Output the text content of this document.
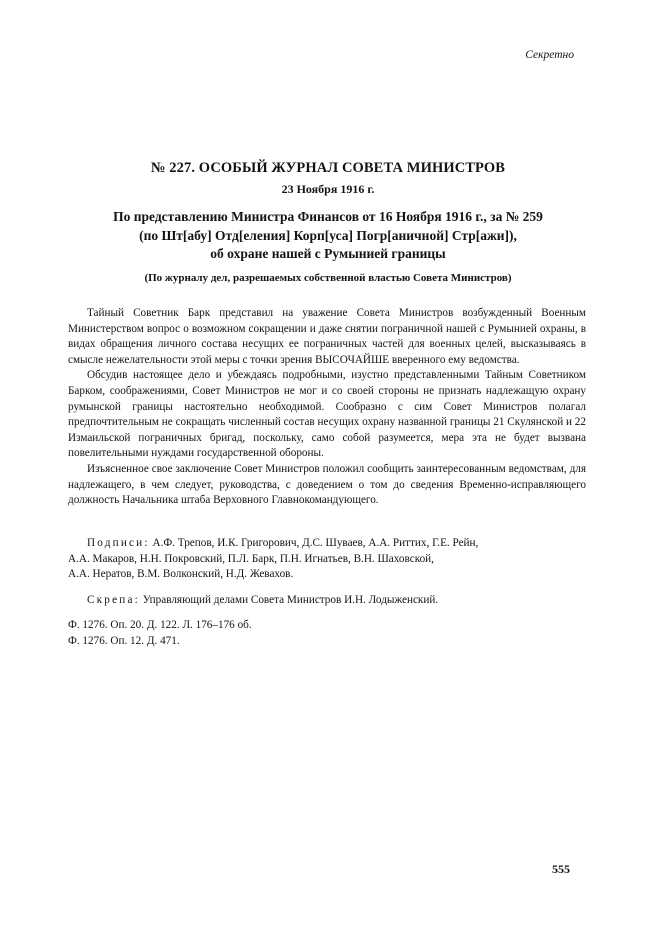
Секретно
№ 227. ОСОБЫЙ ЖУРНАЛ СОВЕТА МИНИСТРОВ
23 Ноября 1916 г.
По представлению Министра Финансов от 16 Ноября 1916 г., за № 259
(по Шт[абу] Отд[еления] Корп[уса] Погр[аничной] Стр[ажи]),
об охране нашей с Румынией границы
(По журналу дел, разрешаемых собственной властью Совета Министров)

Тайный Советник Барк представил на уважение Совета Министров возбужденный Военным Министерством вопрос о возможном сокращении и даже снятии пограничной нашей с Румынией охраны, в видах обращения личного состава несущих ее пограничных частей для военных целей, высказываясь в смысле нежелательности этой меры с точки зрения ВЫСОЧАЙШЕ вверенного ему ведомства.

Обсудив настоящее дело и убеждаясь подробными, изустно представленными Тайным Советником Барком, соображениями, Совет Министров не мог и со своей стороны не признать надлежащую охрану румынской границы настоятельно необходимой. Сообразно с сим Совет Министров полагал предпочтительным не сокращать численный состав несущих охрану названной границы 21 Скулянской и 22 Измаильской пограничных бригад, поскольку, само собой разумеется, мера эта не будет вызвана повелительными нуждами государственной обороны.

Изъясненное свое заключение Совет Министров положил сообщить заинтересованным ведомствам, для надлежащего, в чем следует, руководства, с доведением о том до сведения Временно-исправляющего должность Начальника штаба Верховного Главнокомандующего.

Подписи: А.Ф. Трепов, И.К. Григорович, Д.С. Шуваев, А.А. Риттих, Г.Е. Рейн,
А.А. Макаров, Н.Н. Покровский, П.Л. Барк, П.Н. Игнатьев, В.Н. Шаховской,
А.А. Нератов, В.М. Волконский, Н.Д. Жевахов.
Скрепа: Управляющий делами Совета Министров И.Н. Лодыженский.
Ф. 1276. Оп. 20. Д. 122. Л. 176–176 об.
Ф. 1276. Оп. 12. Д. 471.
555
